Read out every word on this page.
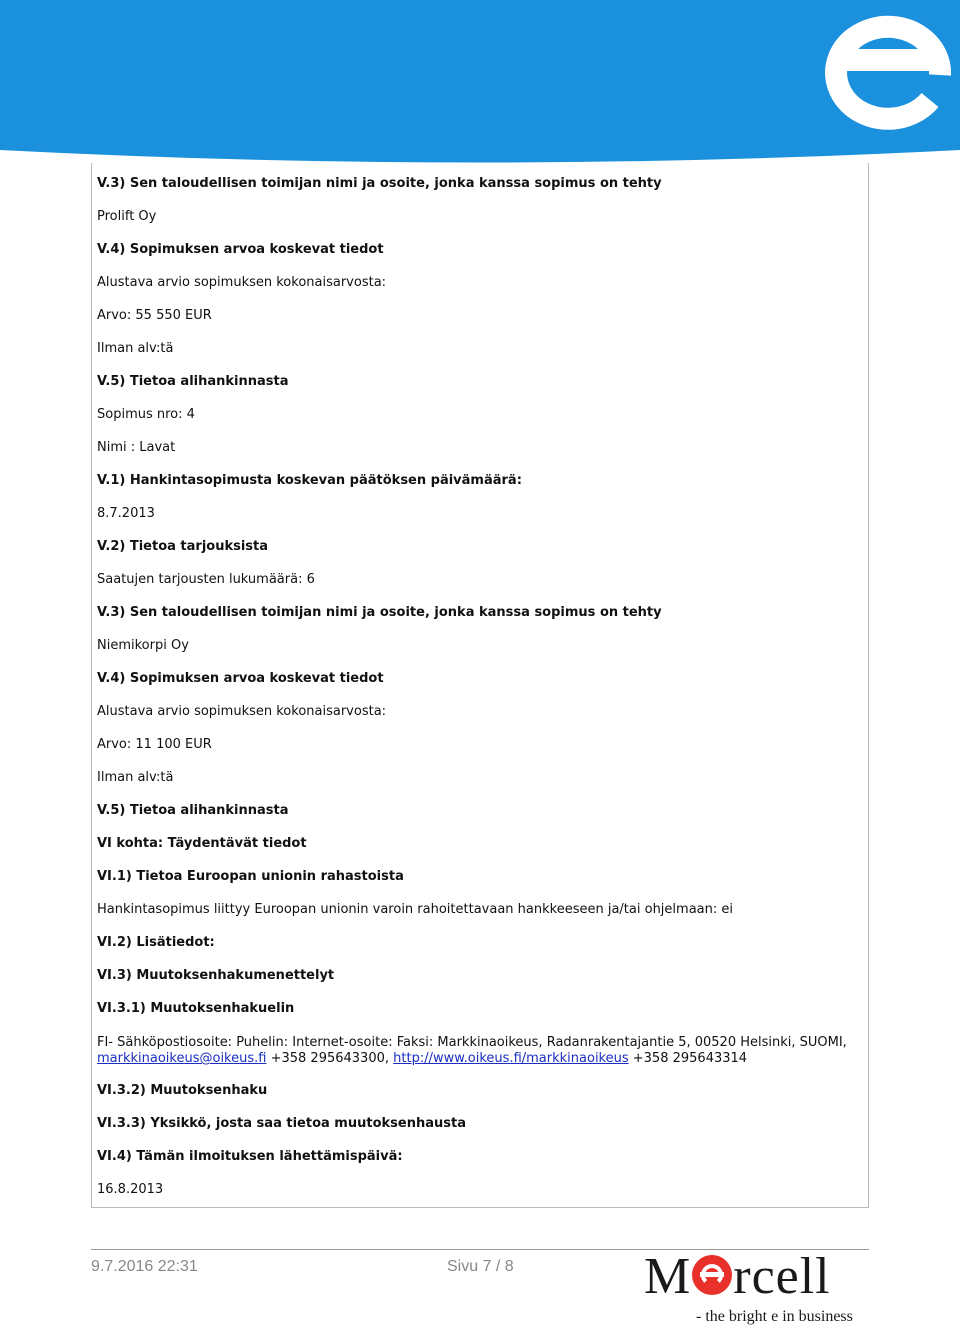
V.3) Sen taloudellisen toimijan nimi ja osoite, jonka kanssa sopimus on tehty
Prolift Oy
V.4) Sopimuksen arvoa koskevat tiedot
Alustava arvio sopimuksen kokonaisarvosta:
Arvo: 55 550 EUR
Ilman alv:tä
V.5) Tietoa alihankinnasta
Sopimus nro: 4
Nimi : Lavat
V.1) Hankintasopimusta koskevan päätöksen päivämäärä:
8.7.2013
V.2) Tietoa tarjouksista
Saatujen tarjousten lukumäärä: 6
V.3) Sen taloudellisen toimijan nimi ja osoite, jonka kanssa sopimus on tehty
Niemikorpi Oy
V.4) Sopimuksen arvoa koskevat tiedot
Alustava arvio sopimuksen kokonaisarvosta:
Arvo: 11 100 EUR
Ilman alv:tä
V.5) Tietoa alihankinnasta
VI kohta: Täydentävät tiedot
VI.1) Tietoa Euroopan unionin rahastoista
Hankintasopimus liittyy Euroopan unionin varoin rahoitettavaan hankkeeseen ja/tai ohjelmaan: ei
VI.2) Lisätiedot:
VI.3) Muutoksenhakumenettelyt
VI.3.1) Muutoksenhakuelin
FI- Sähköpostiosoite: Puhelin: Internet-osoite: Faksi: Markkinaoikeus, Radanrakentajantie 5, 00520 Helsinki, SUOMI,
markkinaoikeus@oikeus.fi +358 295643300, http://www.oikeus.fi/markkinaoikeus +358 295643314
VI.3.2) Muutoksenhaku
VI.3.3) Yksikkö, josta saa tietoa muutoksenhausta
VI.4) Tämän ilmoituksen lähettämispäivä:
16.8.2013
9.7.2016 22:31	Sivu 7 / 8	M rcell
- the bright e in business
